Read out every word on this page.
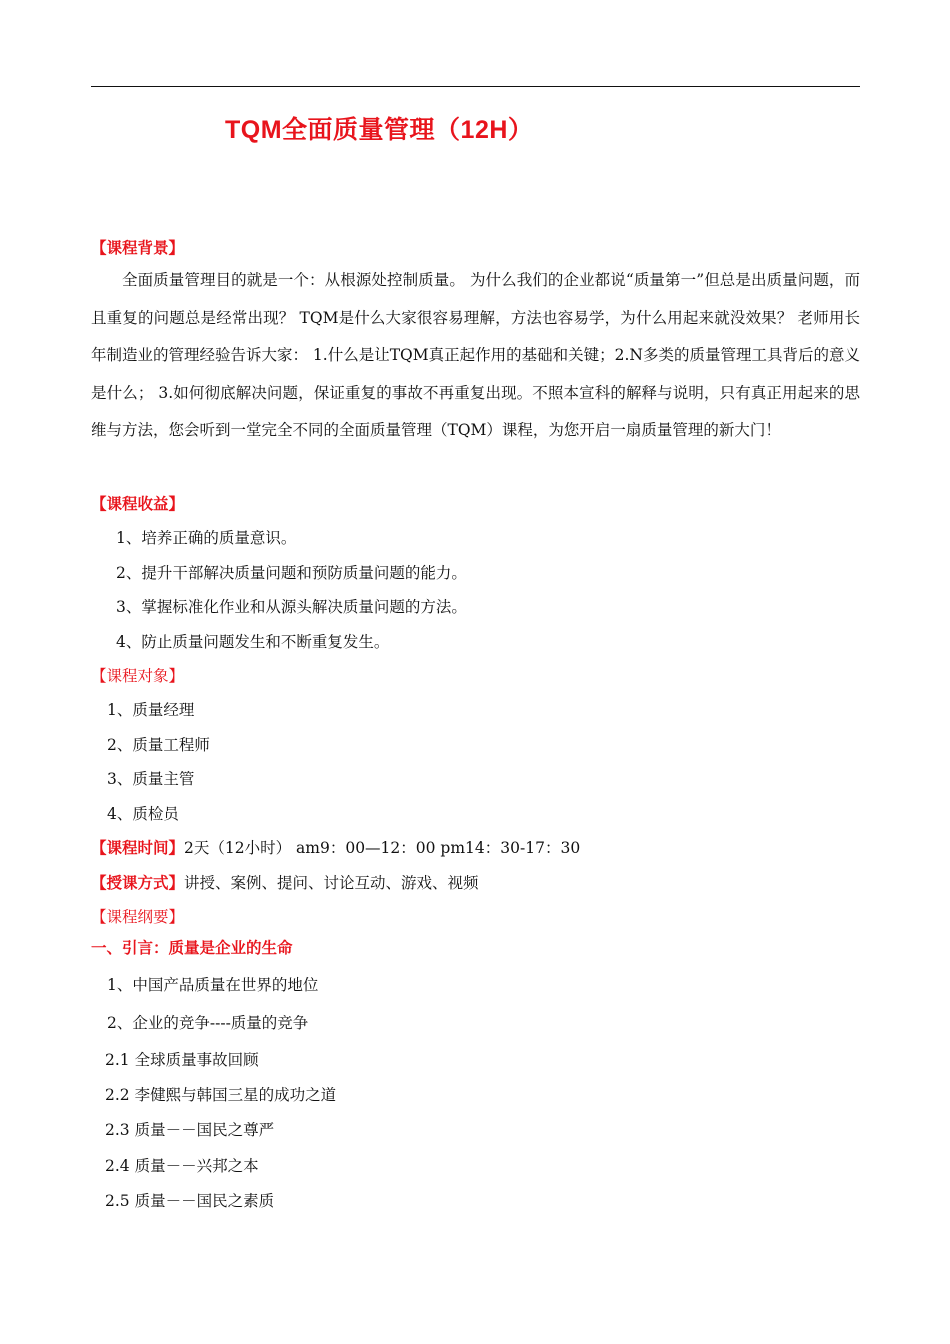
TQM全面质量管理（12H）
【课程背景】
全面质量管理目的就是一个：从根源处控制质量。 为什么我们的企业都说“质量第一”但总是出质量问题，而且重复的问题总是经常出现？ TQM是什么大家很容易理解，方法也容易学，为什么用起来就没效果？ 老师用长年制造业的管理经验告诉大家： 1.什么是让TQM真正起作用的基础和关键；2.N多类的质量管理工具背后的意义是什么； 3.如何彻底解决问题，保证重复的事故不再重复出现。不照本宣科的解释与说明，只有真正用起来的思维与方法，您会听到一堂完全不同的全面质量管理（TQM）课程，为您开启一扇质量管理的新大门！
【课程收益】
1、培养正确的质量意识。
2、提升干部解决质量问题和预防质量问题的能力。
3、掌握标准化作业和从源头解决质量问题的方法。
4、防止质量问题发生和不断重复发生。
【课程对象】
1、质量经理
2、质量工程师
3、质量主管
4、质检员
【课程时间】2天（12小时） am9：00—12：00 pm14：30-17：30
【授课方式】讲授、案例、提问、讨论互动、游戏、视频
【课程纲要】
一、引言：质量是企业的生命
1、中国产品质量在世界的地位
2、企业的竞争----质量的竞争
2.1 全球质量事故回顾
2.2 李健熙与韩国三星的成功之道
2.3 质量－－国民之尊严
2.4 质量－－兴邦之本
2.5 质量－－国民之素质
